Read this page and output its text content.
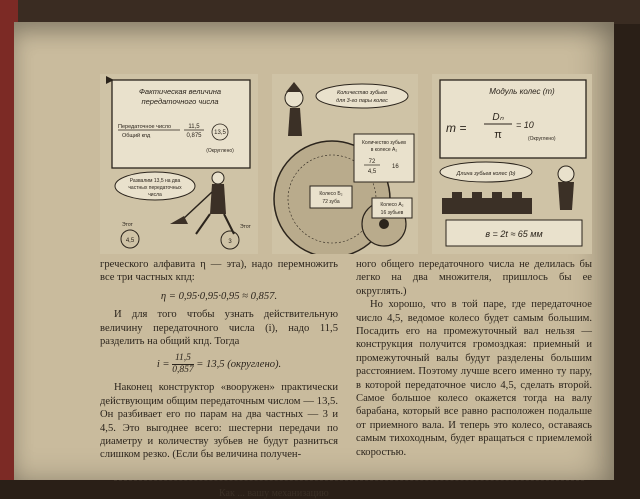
Фактическая величина
передаточного числа
Передаточное число
Общий кпд
11,5
0,875 13,5
(Округлено)
Развалим 13,5 на два
частных передаточных
числа
4,5
Этот
3
Этот
Количество зубьев
для 3-го пары колес
Количество зубьев
в колесе А₂
72
4,5
16
Колесо Б₂
72 зуба	Колесо А₂
16 зубьев
Модуль колес (m)
m =
Dₙ
π
= 10
(Округлено)
Длина зубьев колес (b)
в = 2t ≈ 65 мм

греческого алфавита η — эта), надо перемножить все три частных кпд:

η = 0,95·0,95·0,95 ≈ 0,857.

И для того чтобы узнать действительную величину передаточного числа (i), надо 11,5 разделить на общий кпд. Тогда

$i = \frac{11,5}{0,857} = 13,5$ (округлено).

Наконец конструктор «вооружен» практически действующим общим передаточным числом — 13,5. Он разбивает его по парам на два частных — 3 и 4,5. Это выгоднее всего: шестерни передачи по диаметру и количеству зубьев не будут разниться слишком резко. (Если бы величина получен-

ного общего передаточного числа не делилась бы легко на два множителя, пришлось бы ее округлять.)

Но хорошо, что в той паре, где передаточное число 4,5, ведомое колесо будет самым большим. Посадить его на промежуточный вал нельзя — конструкция получится громоздкая: приемный и промежуточный валы будут разделены большим расстоянием. Поэтому лучше всего именно ту пару, в которой передаточное число 4,5, сделать второй. Самое большое колесо окажется тогда на валу барабана, который все равно расположен подальше от приемного вала. И теперь это колесо, оставаясь самым тихоходным, будет вращаться с приемлемой скоростью.

Как ... вашу механизацию
